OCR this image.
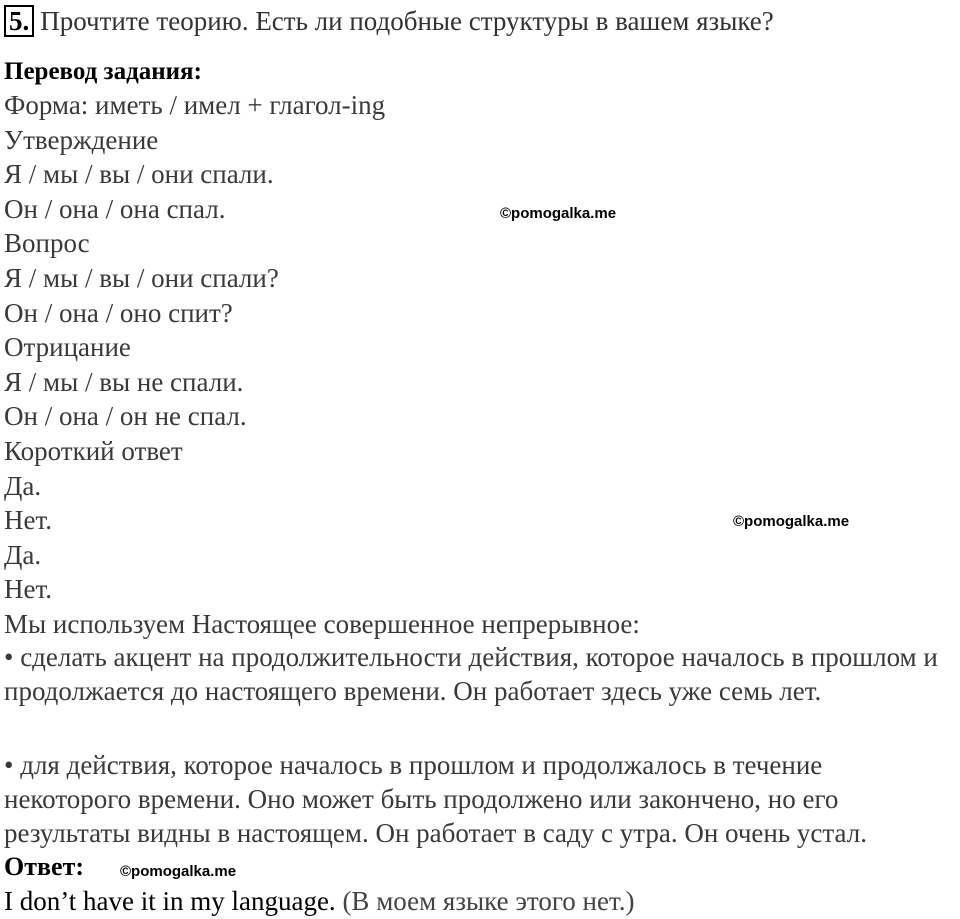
5. Прочтите теорию. Есть ли подобные структуры в вашем языке?
Перевод задания:
Форма: иметь / имел + глагол-ing
Утверждение
Я / мы / вы / они спали.
Он / она / она спал.
Вопрос
Я / мы / вы / они спали?
Он / она / оно спит?
Отрицание
Я / мы / вы не спали.
Он / она / он не спал.
Короткий ответ
Да.
Нет.
Да.
Нет.
Мы используем Настоящее совершенное непрерывное:
• сделать акцент на продолжительности действия, которое началось в прошлом и продолжается до настоящего времени. Он работает здесь уже семь лет.
• для действия, которое началось в прошлом и продолжалось в течение некоторого времени. Оно может быть продолжено или закончено, но его результаты видны в настоящем. Он работает в саду с утра. Он очень устал.
©pomogalka.me
©pomogalka.me
Ответ: ©pomogalka.me
I don’t have it in my language. (В моем языке этого нет.)
